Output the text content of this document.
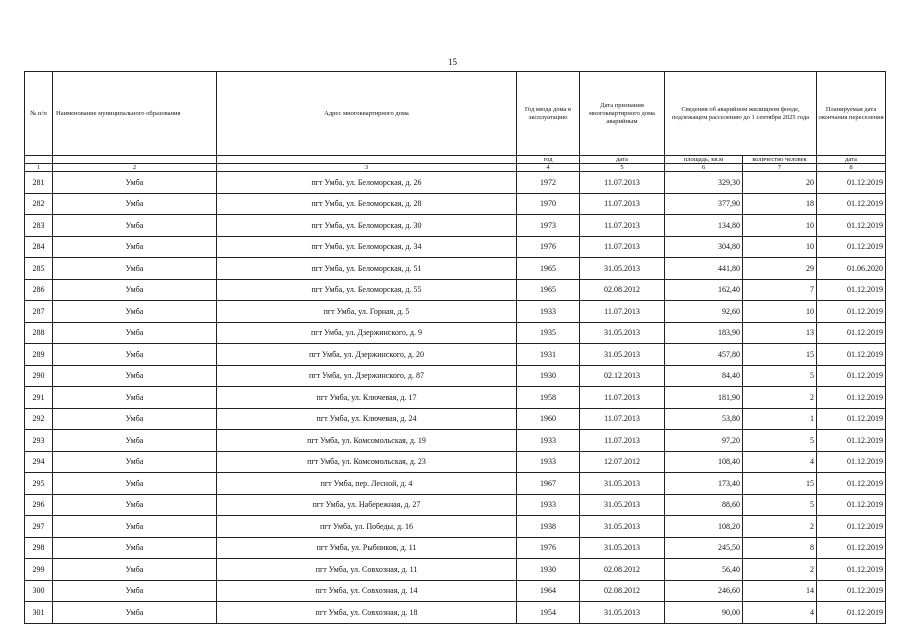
15
№ п/п	Наименование муниципального образования	Адрес многоквартирного дома	Год ввода дома в эксплуатацию	Дата признания многоквартирного дома аварийным	Сведения об аварийном жилищном фонде, подлежащем расселению до 1 сентября 2025 года		Планируемая дата окончания переселения
			год	дата	площадь, кв.м	количество человек	дата
1	2	3	4	5	6	7	8
281	Умба	пгт Умба, ул. Беломорская, д. 26	1972	11.07.2013	329,30	20	01.12.2019
282	Умба	пгт Умба, ул. Беломорская, д. 28	1970	11.07.2013	377,90	18	01.12.2019
283	Умба	пгт Умба, ул. Беломорская, д. 30	1973	11.07.2013	134,80	10	01.12.2019
284	Умба	пгт Умба, ул. Беломорская, д. 34	1976	11.07.2013	304,80	10	01.12.2019
285	Умба	пгт Умба, ул. Беломорская, д. 51	1965	31.05.2013	441,80	29	01.06.2020
286	Умба	пгт Умба, ул. Беломорская, д. 55	1965	02.08.2012	162,40	7	01.12.2019
287	Умба	пгт Умба, ул. Горная, д. 5	1933	11.07.2013	92,60	10	01.12.2019
288	Умба	пгт Умба, ул. Дзержинского, д. 9	1935	31.05.2013	183,90	13	01.12.2019
289	Умба	пгт Умба, ул. Дзержинского, д. 20	1931	31.05.2013	457,80	15	01.12.2019
290	Умба	пгт Умба, ул. Дзержинского, д. 87	1930	02.12.2013	84,40	5	01.12.2019
291	Умба	пгт Умба, ул. Ключевая, д. 17	1958	11.07.2013	181,90	2	01.12.2019
292	Умба	пгт Умба, ул. Ключевая, д. 24	1960	11.07.2013	53,80	1	01.12.2019
293	Умба	пгт Умба, ул. Комсомольская, д. 19	1933	11.07.2013	97,20	5	01.12.2019
294	Умба	пгт Умба, ул. Комсомольская, д. 23	1933	12.07.2012	108,40	4	01.12.2019
295	Умба	пгт Умба, пер. Лесной, д. 4	1967	31.05.2013	173,40	15	01.12.2019
296	Умба	пгт Умба, ул. Набережная, д. 27	1933	31.05.2013	88,60	5	01.12.2019
297	Умба	пгт Умба, ул. Победы, д. 16	1938	31.05.2013	108,20	2	01.12.2019
298	Умба	пгт Умба, ул. Рыбников, д. 11	1976	31.05.2013	245,50	8	01.12.2019
299	Умба	пгт Умба, ул. Совхозная, д. 11	1930	02.08.2012	56,40	2	01.12.2019
300	Умба	пгт Умба, ул. Совхозная, д. 14	1964	02.08.2012	246,60	14	01.12.2019
301	Умба	пгт Умба, ул. Совхозная, д. 18	1954	31.05.2013	90,00	4	01.12.2019
